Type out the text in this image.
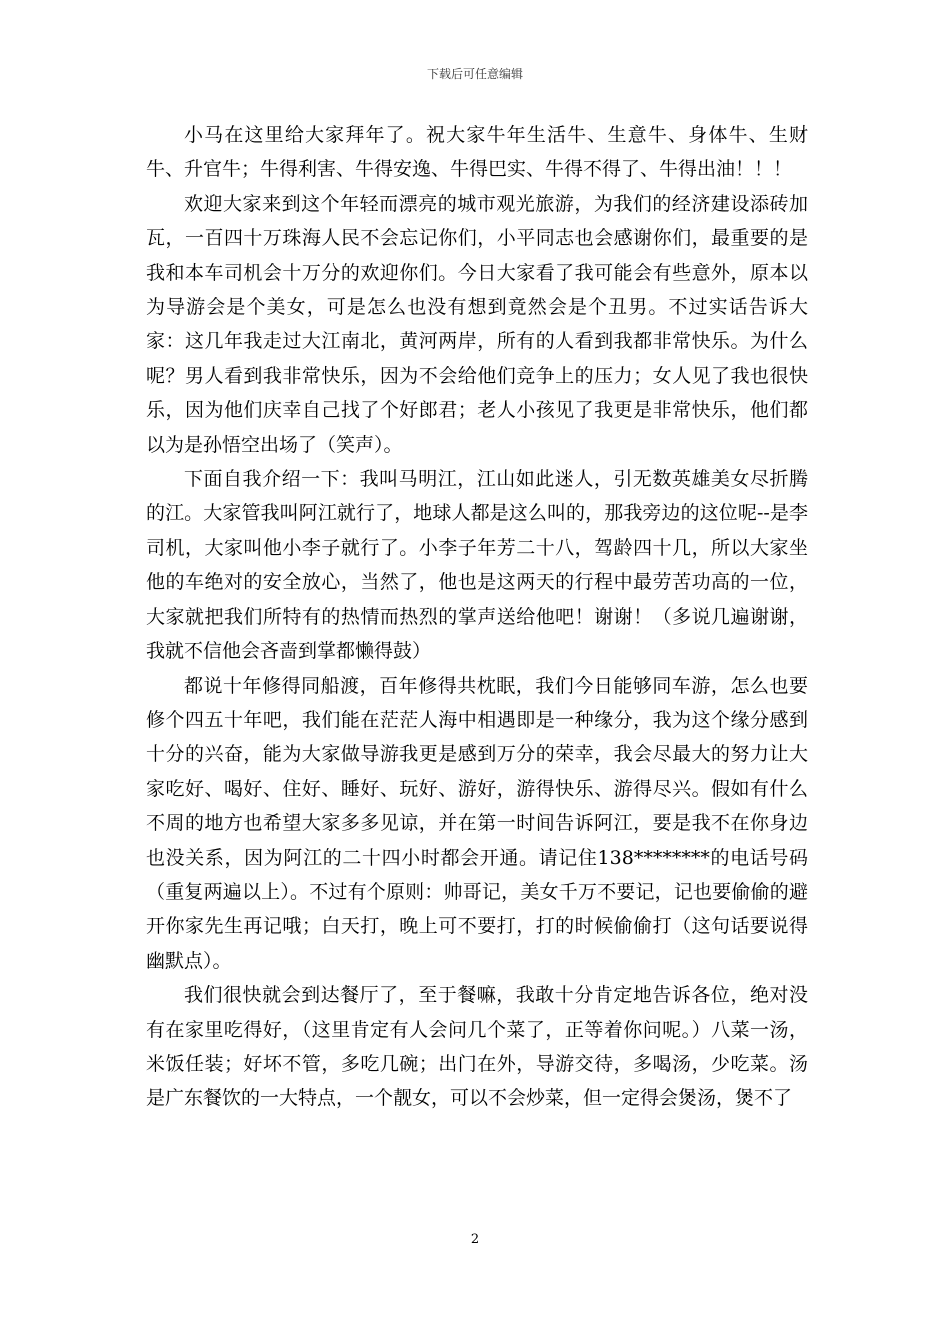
下载后可任意编辑

小马在这里给大家拜年了。祝大家牛年生活牛、生意牛、身体牛、生财牛、升官牛；牛得利害、牛得安逸、牛得巴实、牛得不得了、牛得出油！！！

欢迎大家来到这个年轻而漂亮的城市观光旅游，为我们的经济建设添砖加瓦，一百四十万珠海人民不会忘记你们，小平同志也会感谢你们，最重要的是我和本车司机会十万分的欢迎你们。今日大家看了我可能会有些意外，原本以为导游会是个美女，可是怎么也没有想到竟然会是个丑男。不过实话告诉大家：这几年我走过大江南北，黄河两岸，所有的人看到我都非常快乐。为什么呢？男人看到我非常快乐，因为不会给他们竞争上的压力；女人见了我也很快乐，因为他们庆幸自己找了个好郎君；老人小孩见了我更是非常快乐，他们都以为是孙悟空出场了（笑声）。

下面自我介绍一下：我叫马明江，江山如此迷人，引无数英雄美女尽折腾的江。大家管我叫阿江就行了，地球人都是这么叫的，那我旁边的这位呢--是李司机，大家叫他小李子就行了。小李子年芳二十八，驾龄四十几，所以大家坐他的车绝对的安全放心，当然了，他也是这两天的行程中最劳苦功高的一位，大家就把我们所特有的热情而热烈的掌声送给他吧！谢谢！（多说几遍谢谢，我就不信他会吝啬到掌都懒得鼓）

都说十年修得同船渡，百年修得共枕眠，我们今日能够同车游，怎么也要修个四五十年吧，我们能在茫茫人海中相遇即是一种缘分，我为这个缘分感到十分的兴奋，能为大家做导游我更是感到万分的荣幸，我会尽最大的努力让大家吃好、喝好、住好、睡好、玩好、游好，游得快乐、游得尽兴。假如有什么不周的地方也希望大家多多见谅，并在第一时间告诉阿江，要是我不在你身边也没关系，因为阿江的二十四小时都会开通。请记住138********的电话号码（重复两遍以上）。不过有个原则：帅哥记，美女千万不要记，记也要偷偷的避开你家先生再记哦；白天打，晚上可不要打，打的时候偷偷打（这句话要说得幽默点）。

我们很快就会到达餐厅了，至于餐嘛，我敢十分肯定地告诉各位，绝对没有在家里吃得好，（这里肯定有人会问几个菜了，正等着你问呢。）八菜一汤，米饭任装；好坏不管，多吃几碗；出门在外，导游交待，多喝汤，少吃菜。汤是广东餐饮的一大特点，一个靓女，可以不会炒菜，但一定得会煲汤，煲不了

2
